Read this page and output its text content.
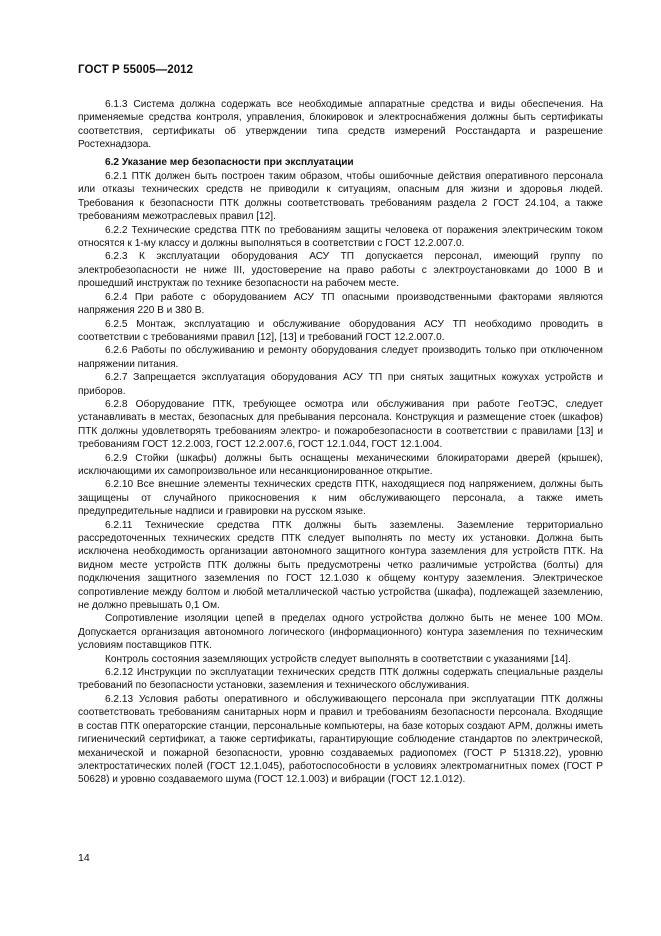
ГОСТ Р 55005—2012

6.1.3 Система должна содержать все необходимые аппаратные средства и виды обеспечения. На применяемые средства контроля, управления, блокировок и электроснабжения должны быть сертификаты соответствия, сертификаты об утверждении типа средств измерений Росстандарта и разрешение Ростехнадзора.

6.2 Указание мер безопасности при эксплуатации

6.2.1 ПТК должен быть построен таким образом, чтобы ошибочные действия оперативного персонала или отказы технических средств не приводили к ситуациям, опасным для жизни и здоровья людей. Требования к безопасности ПТК должны соответствовать требованиям раздела 2 ГОСТ 24.104, а также требованиям межотраслевых правил [12].

6.2.2 Технические средства ПТК по требованиям защиты человека от поражения электрическим током относятся к 1-му классу и должны выполняться в соответствии с ГОСТ 12.2.007.0.

6.2.3 К эксплуатации оборудования АСУ ТП допускается персонал, имеющий группу по электробезопасности не ниже III, удостоверение на право работы с электроустановками до 1000 В и прошедший инструктаж по технике безопасности на рабочем месте.

6.2.4 При работе с оборудованием АСУ ТП опасными производственными факторами являются напряжения 220 В и 380 В.

6.2.5 Монтаж, эксплуатацию и обслуживание оборудования АСУ ТП необходимо проводить в соответствии с требованиями правил [12], [13] и требований ГОСТ 12.2.007.0.

6.2.6 Работы по обслуживанию и ремонту оборудования следует производить только при отключенном напряжении питания.

6.2.7 Запрещается эксплуатация оборудования АСУ ТП при снятых защитных кожухах устройств и приборов.

6.2.8 Оборудование ПТК, требующее осмотра или обслуживания при работе ГеоТЭС, следует устанавливать в местах, безопасных для пребывания персонала. Конструкция и размещение стоек (шкафов) ПТК должны удовлетворять требованиям электро- и пожаробезопасности в соответствии с правилами [13] и требованиям ГОСТ 12.2.003, ГОСТ 12.2.007.6, ГОСТ 12.1.044, ГОСТ 12.1.004.

6.2.9 Стойки (шкафы) должны быть оснащены механическими блокираторами дверей (крышек), исключающими их самопроизвольное или несанкционированное открытие.

6.2.10 Все внешние элементы технических средств ПТК, находящиеся под напряжением, должны быть защищены от случайного прикосновения к ним обслуживающего персонала, а также иметь предупредительные надписи и гравировки на русском языке.

6.2.11 Технические средства ПТК должны быть заземлены. Заземление территориально рассредоточенных технических средств ПТК следует выполнять по месту их установки. Должна быть исключена необходимость организации автономного защитного контура заземления для устройств ПТК. На видном месте устройств ПТК должны быть предусмотрены четко различимые устройства (болты) для подключения защитного заземления по ГОСТ 12.1.030 к общему контуру заземления. Электрическое сопротивление между болтом и любой металлической частью устройства (шкафа), подлежащей заземлению, не должно превышать 0,1 Ом.

Сопротивление изоляции цепей в пределах одного устройства должно быть не менее 100 МОм. Допускается организация автономного логического (информационного) контура заземления по техническим условиям поставщиков ПТК.

Контроль состояния заземляющих устройств следует выполнять в соответствии с указаниями [14].

6.2.12 Инструкции по эксплуатации технических средств ПТК должны содержать специальные разделы требований по безопасности установки, заземления и технического обслуживания.

6.2.13 Условия работы оперативного и обслуживающего персонала при эксплуатации ПТК должны соответствовать требованиям санитарных норм и правил и требованиям безопасности персонала. Входящие в состав ПТК операторские станции, персональные компьютеры, на базе которых создают АРМ, должны иметь гигиенический сертификат, а также сертификаты, гарантирующие соблюдение стандартов по электрической, механической и пожарной безопасности, уровню создаваемых радиопомех (ГОСТ Р 51318.22), уровню электростатических полей (ГОСТ 12.1.045), работоспособности в условиях электромагнитных помех (ГОСТ Р 50628) и уровню создаваемого шума (ГОСТ 12.1.003) и вибрации (ГОСТ 12.1.012).

14
